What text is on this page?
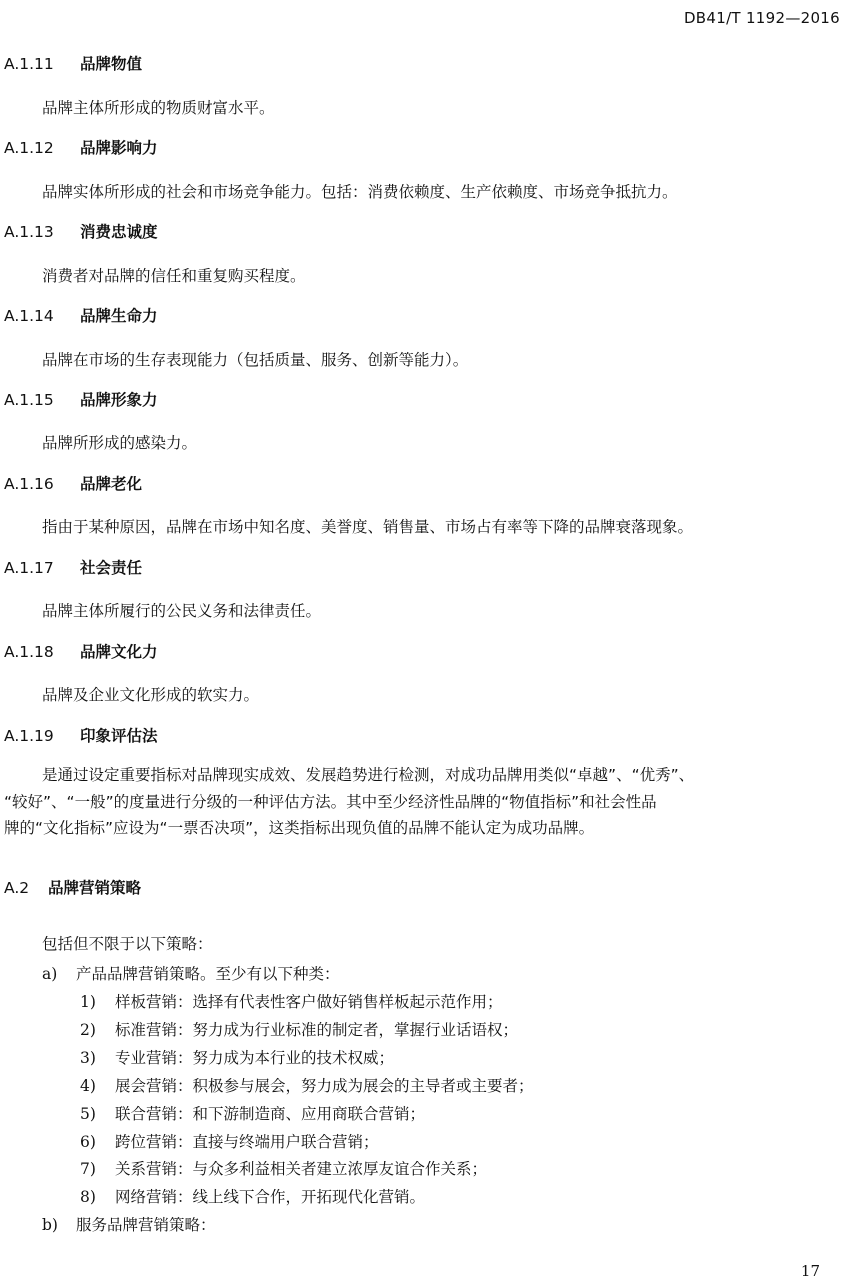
DB41/T 1192—2016
A.1.11 品牌物值
品牌主体所形成的物质财富水平。
A.1.12 品牌影响力
品牌实体所形成的社会和市场竞争能力。包括：消费依赖度、生产依赖度、市场竞争抵抗力。
A.1.13 消费忠诚度
消费者对品牌的信任和重复购买程度。
A.1.14 品牌生命力
品牌在市场的生存表现能力（包括质量、服务、创新等能力）。
A.1.15 品牌形象力
品牌所形成的感染力。
A.1.16 品牌老化
指由于某种原因，品牌在市场中知名度、美誉度、销售量、市场占有率等下降的品牌衰落现象。
A.1.17 社会责任
品牌主体所履行的公民义务和法律责任。
A.1.18 品牌文化力
品牌及企业文化形成的软实力。
A.1.19 印象评估法
是通过设定重要指标对品牌现实成效、发展趋势进行检测，对成功品牌用类似“卓越”、“优秀”、
“较好”、“一般”的度量进行分级的一种评估方法。其中至少经济性品牌的“物值指标”和社会性品
牌的“文化指标”应设为“一票否决项”，这类指标出现负值的品牌不能认定为成功品牌。
A.2 品牌营销策略
包括但不限于以下策略：
a) 产品品牌营销策略。至少有以下种类：
1) 样板营销：选择有代表性客户做好销售样板起示范作用；
2) 标准营销：努力成为行业标准的制定者，掌握行业话语权；
3) 专业营销：努力成为本行业的技术权威；
4) 展会营销：积极参与展会，努力成为展会的主导者或主要者；
5) 联合营销：和下游制造商、应用商联合营销；
6) 跨位营销：直接与终端用户联合营销；
7) 关系营销：与众多利益相关者建立浓厚友谊合作关系；
8) 网络营销：线上线下合作，开拓现代化营销。
b) 服务品牌营销策略：
17
